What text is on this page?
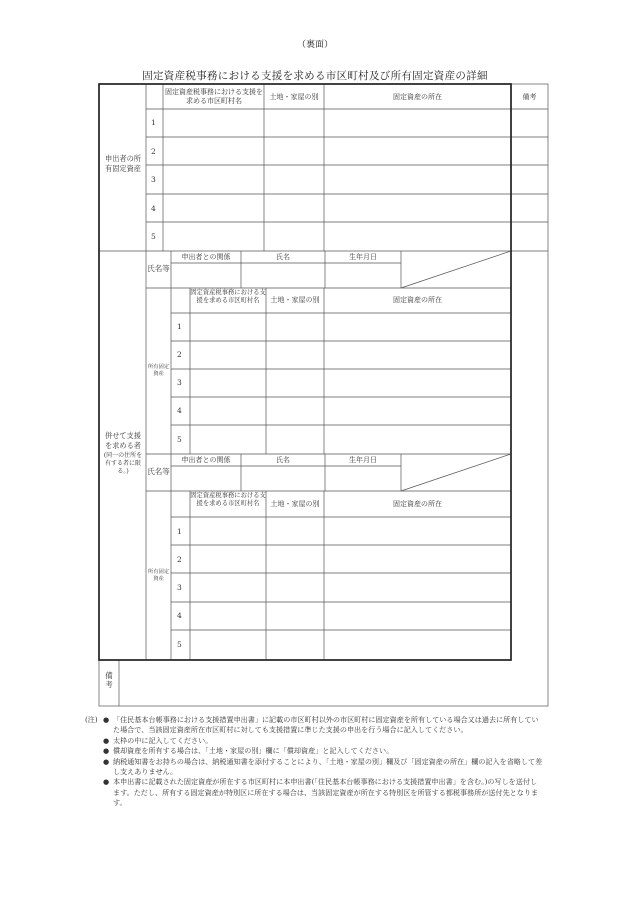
（裏面）
固定資産税事務における支援を求める市区町村及び所有固定資産の詳細
固定資産税事務における支援を求める市区町村名	土地・家屋の別	固定資産の所在	備考
申出者の所有固定資産
1
2
3
4
5
併せて支援を求める者
(同一の住所を有する者に限る。)
申出者との関係	氏名	生年月日
氏名等
固定資産税事務における支援を求める市区町村名	土地・家屋の別	固定資産の所在
所有固定資産
1
2
3
4
5
申出者との関係	氏名	生年月日
氏名等
固定資産税事務における支援を求める市区町村名	土地・家屋の別	固定資産の所在
所有固定資産
1
2
3
4
5
備考
(注) ● 「住民基本台帳事務における支援措置申出書」に記載の市区町村以外の市区町村に固定資産を所有している場合又は過去に所有していた場合で、当該固定資産所在市区町村に対しても支援措置に準じた支援の申出を行う場合に記入してください。
● 太枠の中に記入してください。
● 償却資産を所有する場合は、「土地・家屋の別」欄に「償却資産」と記入してください。
● 納税通知書をお持ちの場合は、納税通知書を添付することにより、「土地・家屋の別」欄及び「固定資産の所在」欄の記入を省略して差し支えありません。
● 本申出書に記載された固定資産が所在する市区町村に本申出書(「住民基本台帳事務における支援措置申出書」を含む。)の写しを送付します。ただし、所有する固定資産が特別区に所在する場合は、当該固定資産が所在する特別区を所管する都税事務所が送付先となります。
